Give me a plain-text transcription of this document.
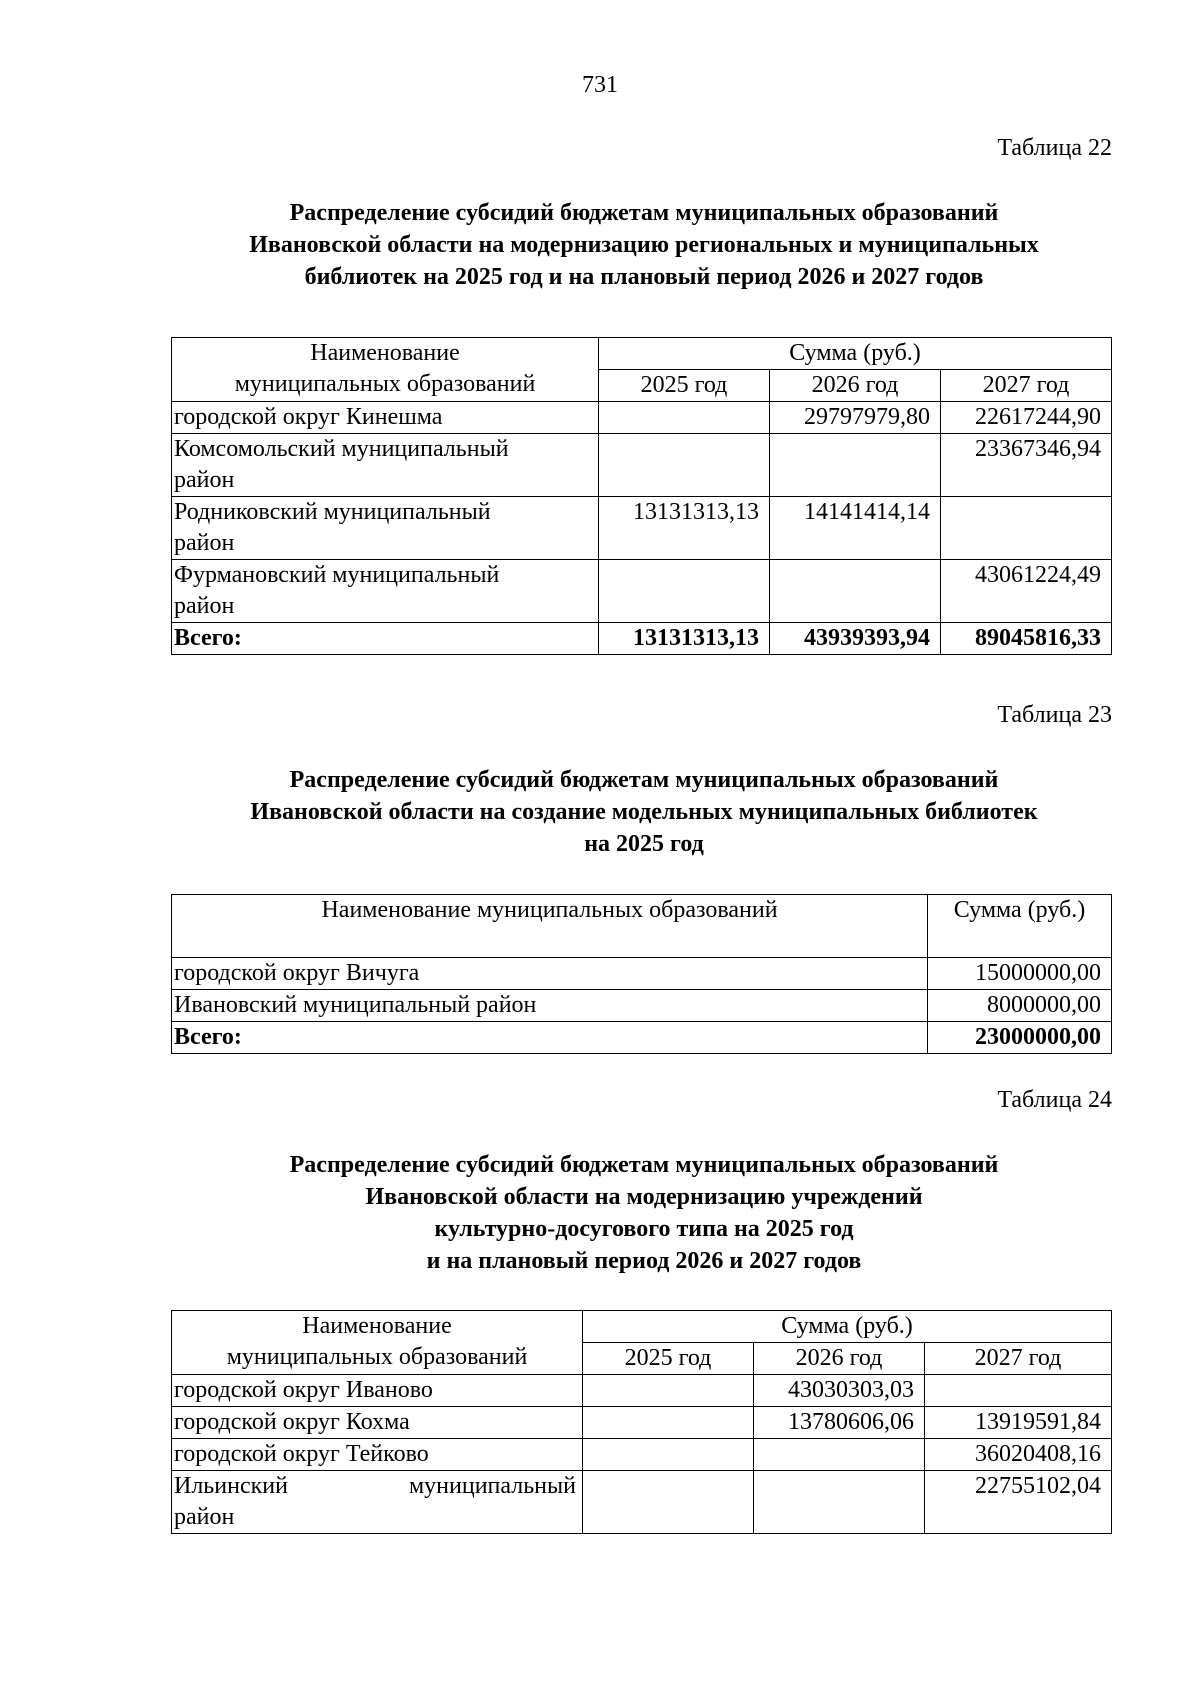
731
Таблица 22
Распределение субсидий бюджетам муниципальных образований
Ивановской области на модернизацию региональных и муниципальных
библиотек на 2025 год и на плановый период 2026 и 2027 годов
Наименование
муниципальных образований	Сумма (руб.)		
	2025 год	2026 год	2027 год

городской округ Кинешма		29797979,80	22617244,90

Комсомольский муниципальный
район			23367346,94

Родниковский муниципальный
район	13131313,13	14141414,14	

Фурмановский муниципальный
район			43061224,49
Всего:	13131313,13	43939393,94	89045816,33
Таблица 23
Распределение субсидий бюджетам муниципальных образований
Ивановской области на создание модельных муниципальных библиотек
на 2025 год
Наименование муниципальных образований	Сумма (руб.)
городской округ Вичуга	15000000,00
Ивановский муниципальный район	8000000,00
Всего:	23000000,00
Таблица 24
Распределение субсидий бюджетам муниципальных образований
Ивановской области на модернизацию учреждений
культурно-досугового типа на 2025 год
и на плановый период 2026 и 2027 годов
Наименование
муниципальных образований	Сумма (руб.)		
	2025 год	2026 год	2027 год

городской округ Иваново		43030303,03	

городской округ Кохма		13780606,06	13919591,84

городской округ Тейково			36020408,16

Ильинский муниципальный
район			22755102,04
